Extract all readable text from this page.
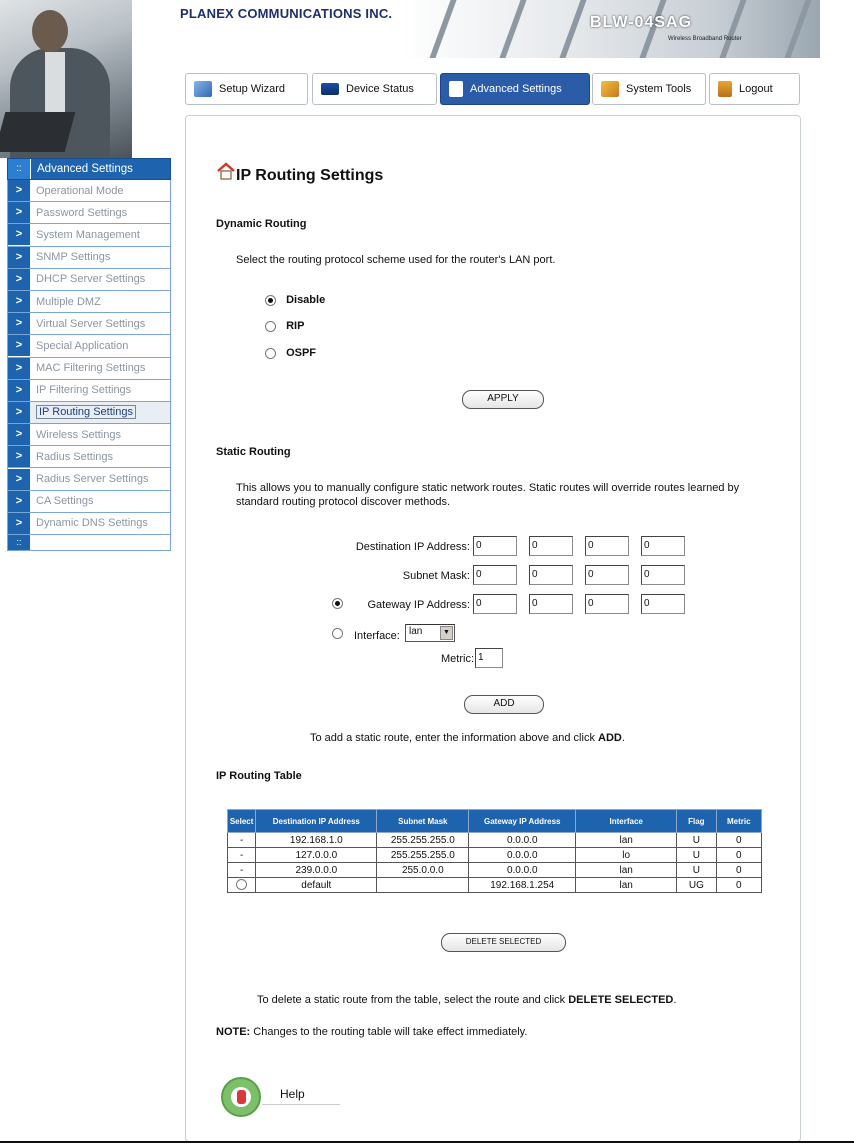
PLANEX COMMUNICATIONS INC.
BLW-04SAG
Wireless Broadband Router
Setup Wizard	Device Status	Advanced Settings	System Tools	Logout
::	Advanced Settings
>	Operational Mode
>	Password Settings
>	System Management
>	SNMP Settings
>	DHCP Server Settings
>	Multiple DMZ
>	Virtual Server Settings
>	Special Application
>	MAC Filtering Settings
>	IP Filtering Settings
>	IP Routing Settings
>	Wireless Settings
>	Radius Settings
>	Radius Server Settings
>	CA Settings
>	Dynamic DNS Settings
::
IP Routing Settings
Dynamic Routing
Select the routing protocol scheme used for the router's LAN port.
Disable
RIP
OSPF
APPLY
Static Routing
This allows you to manually configure static network routes. Static routes will override routes learned by standard routing protocol discover methods.
Destination IP Address: 0	0	0	0
Subnet Mask: 0	0	0	0
Gateway IP Address: 0	0	0	0
Interface: lan	▼
Metric: 1
ADD
To add a static route, enter the information above and click ADD.
IP Routing Table
Select	Destination IP Address	Subnet Mask	Gateway IP Address	Interface	Flag	Metric
-	192.168.1.0	255.255.255.0	0.0.0.0	lan	U	0
-	127.0.0.0	255.255.255.0	0.0.0.0	lo	U	0
-	239.0.0.0	255.0.0.0	0.0.0.0	lan	U	0
	default		192.168.1.254	lan	UG	0
DELETE SELECTED
To delete a static route from the table, select the route and click DELETE SELECTED.
NOTE: Changes to the routing table will take effect immediately.
Help
